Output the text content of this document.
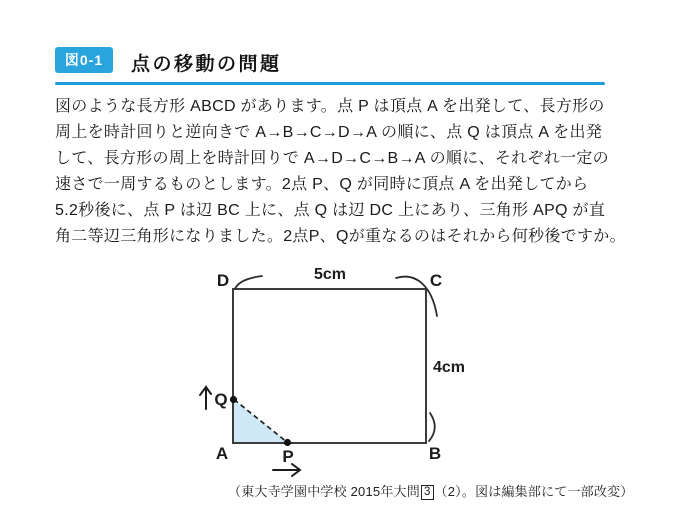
図0-1 点の移動の問題
図のような長方形 ABCD があります。点 P は頂点 A を出発して、長方形の
周上を時計回りと逆向きで A→B→C→D→A の順に、点 Q は頂点 A を出発
して、長方形の周上を時計回りで A→D→C→B→A の順に、それぞれ一定の
速さで一周するものとします。2点 P、Q が同時に頂点 A を出発してから
5.2秒後に、点 P は辺 BC 上に、点 Q は辺 DC 上にあり、三角形 APQ が直
角二等辺三角形になりました。2点P、Qが重なるのはそれから何秒後ですか。
D	5cm	C
4cm
Q
A	P	B
（東大寺学園中学校 2015年大問 3 （2）。図は編集部にて一部改変）
